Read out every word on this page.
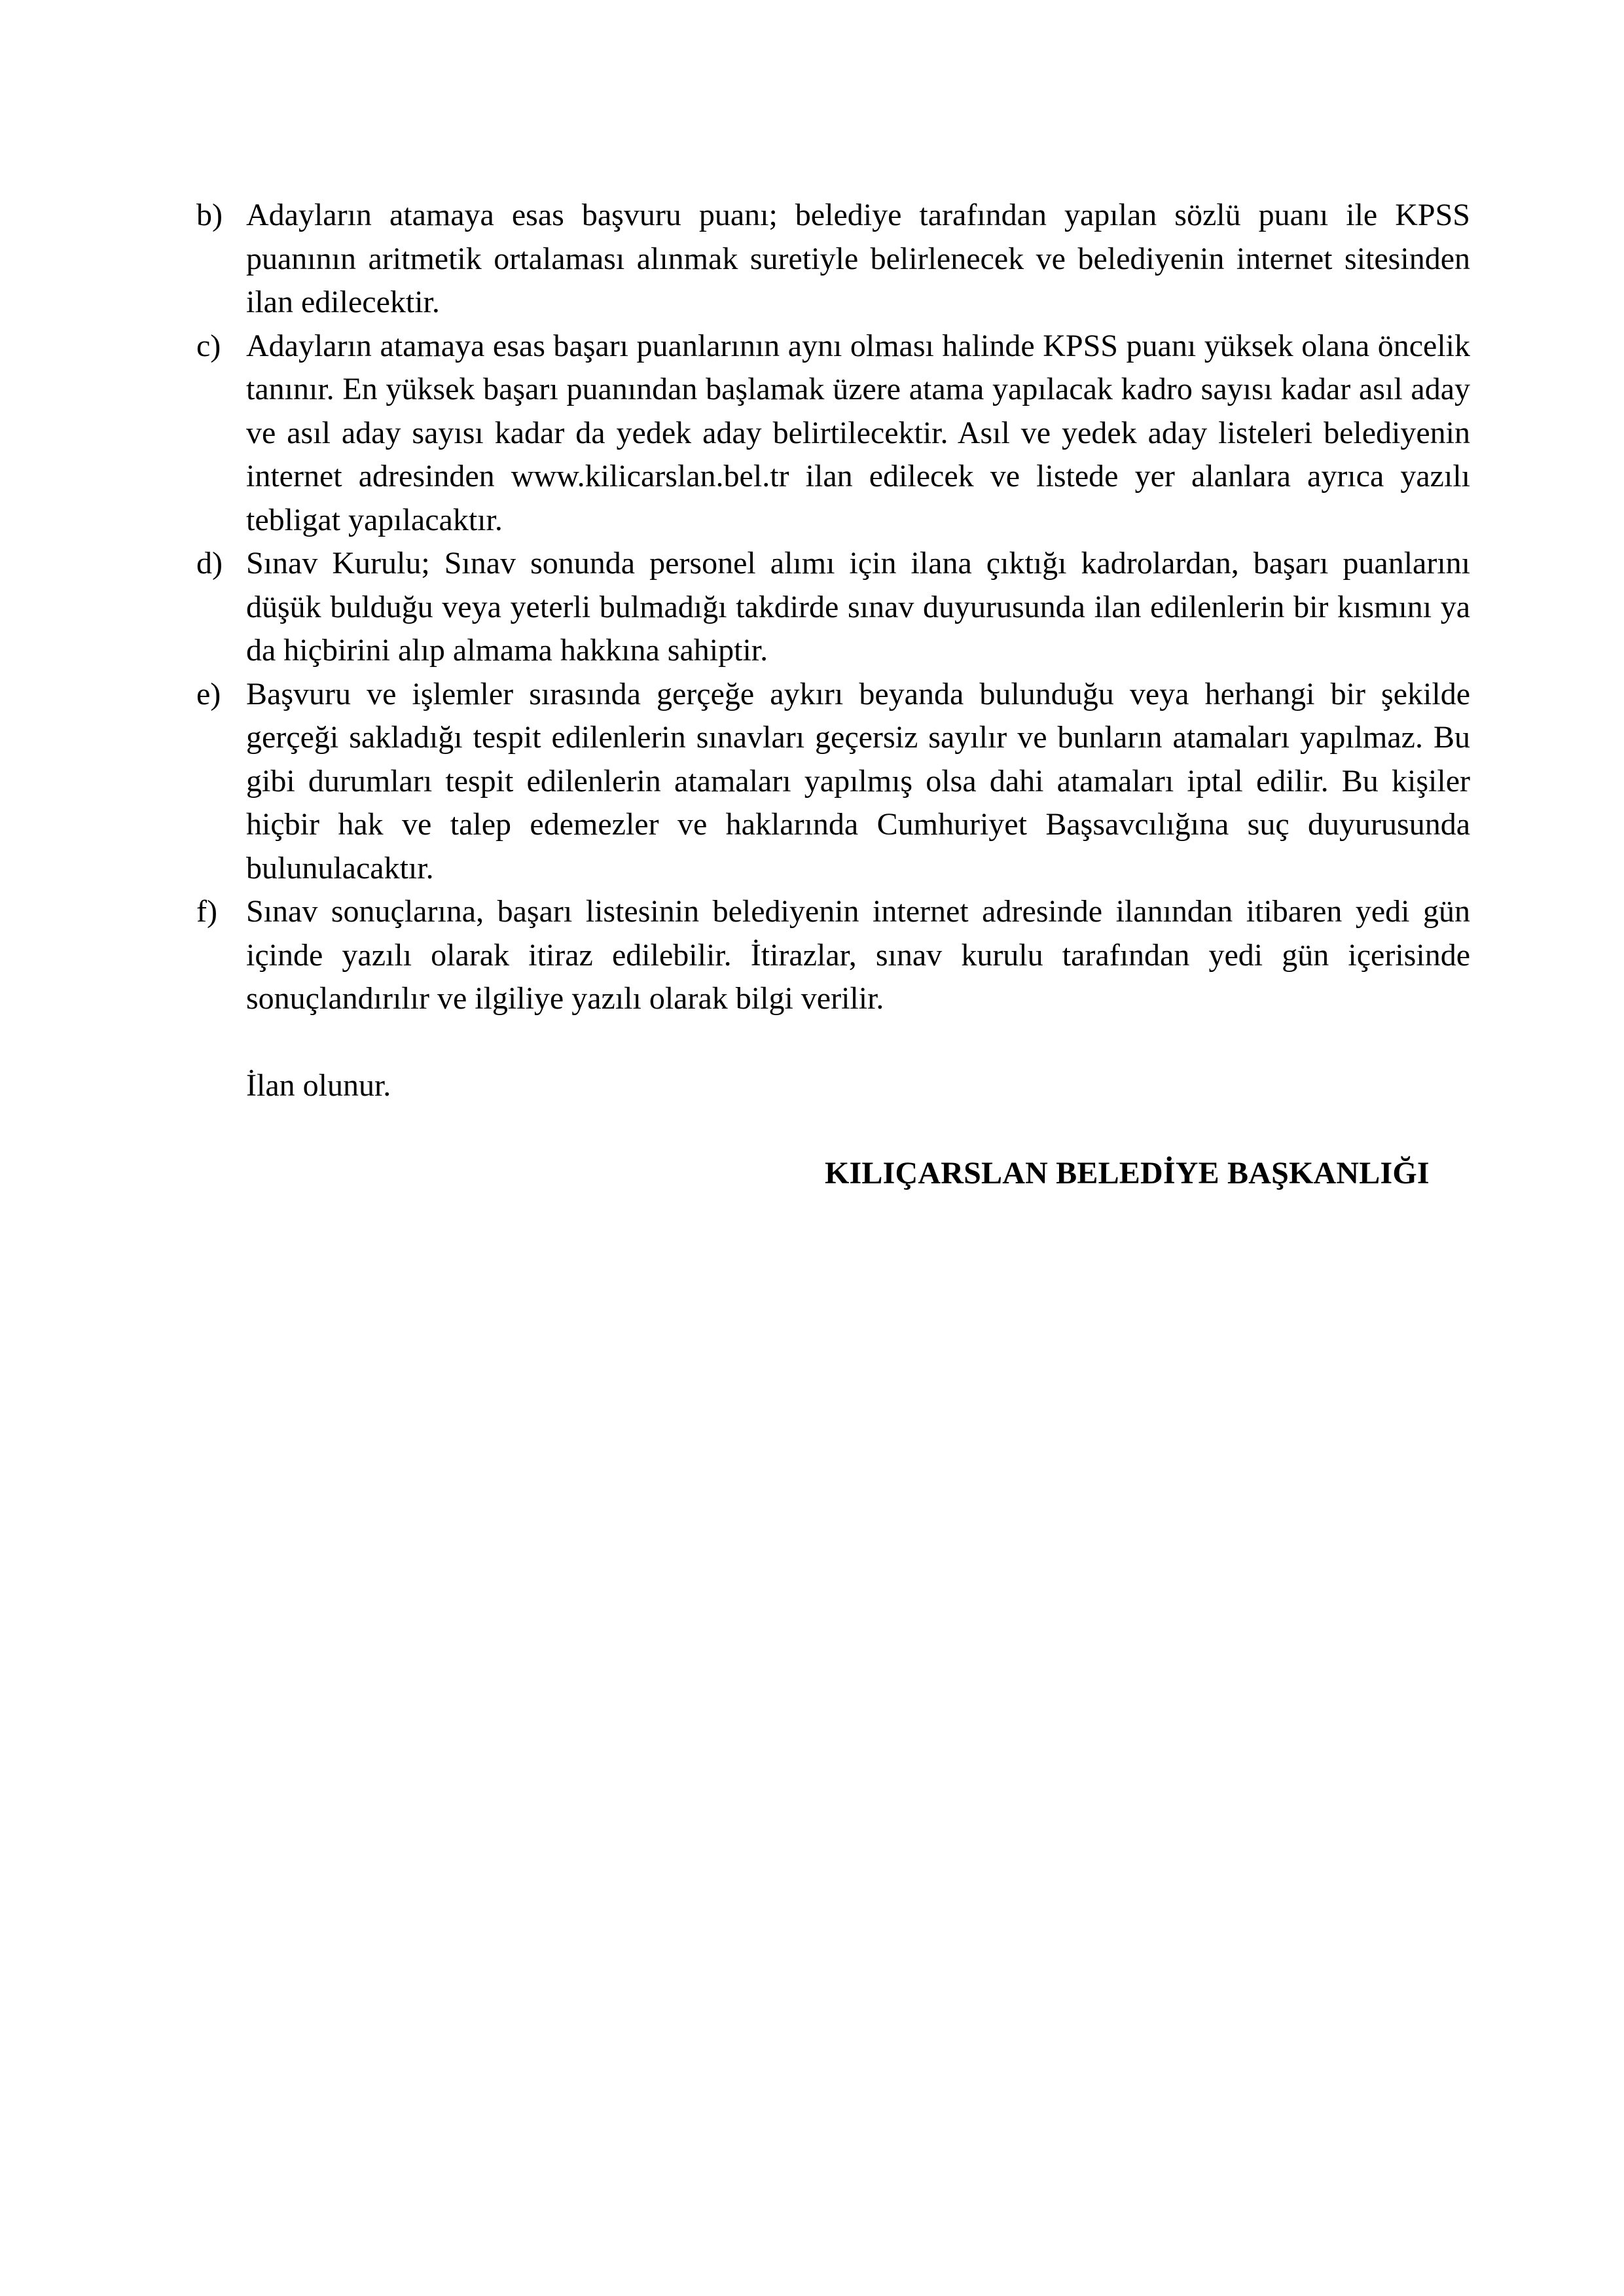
b) Adayların atamaya esas başvuru puanı; belediye tarafından yapılan sözlü puanı ile KPSS puanının aritmetik ortalaması alınmak suretiyle belirlenecek ve belediyenin internet sitesinden ilan edilecektir.

c) Adayların atamaya esas başarı puanlarının aynı olması halinde KPSS puanı yüksek olana öncelik tanınır. En yüksek başarı puanından başlamak üzere atama yapılacak kadro sayısı kadar asıl aday ve asıl aday sayısı kadar da yedek aday belirtilecektir. Asıl ve yedek aday listeleri belediyenin internet adresinden www.kilicarslan.bel.tr ilan edilecek ve listede yer alanlara ayrıca yazılı tebligat yapılacaktır.

d) Sınav Kurulu; Sınav sonunda personel alımı için ilana çıktığı kadrolardan, başarı puanlarını düşük bulduğu veya yeterli bulmadığı takdirde sınav duyurusunda ilan edilenlerin bir kısmını ya da hiçbirini alıp almama hakkına sahiptir.

e) Başvuru ve işlemler sırasında gerçeğe aykırı beyanda bulunduğu veya herhangi bir şekilde gerçeği sakladığı tespit edilenlerin sınavları geçersiz sayılır ve bunların atamaları yapılmaz. Bu gibi durumları tespit edilenlerin atamaları yapılmış olsa dahi atamaları iptal edilir. Bu kişiler hiçbir hak ve talep edemezler ve haklarında Cumhuriyet Başsavcılığına suç duyurusunda bulunulacaktır.

f) Sınav sonuçlarına, başarı listesinin belediyenin internet adresinde ilanından itibaren yedi gün içinde yazılı olarak itiraz edilebilir. İtirazlar, sınav kurulu tarafından yedi gün içerisinde sonuçlandırılır ve ilgiliye yazılı olarak bilgi verilir.

İlan olunur.
KILIÇARSLAN BELEDİYE BAŞKANLIĞI
